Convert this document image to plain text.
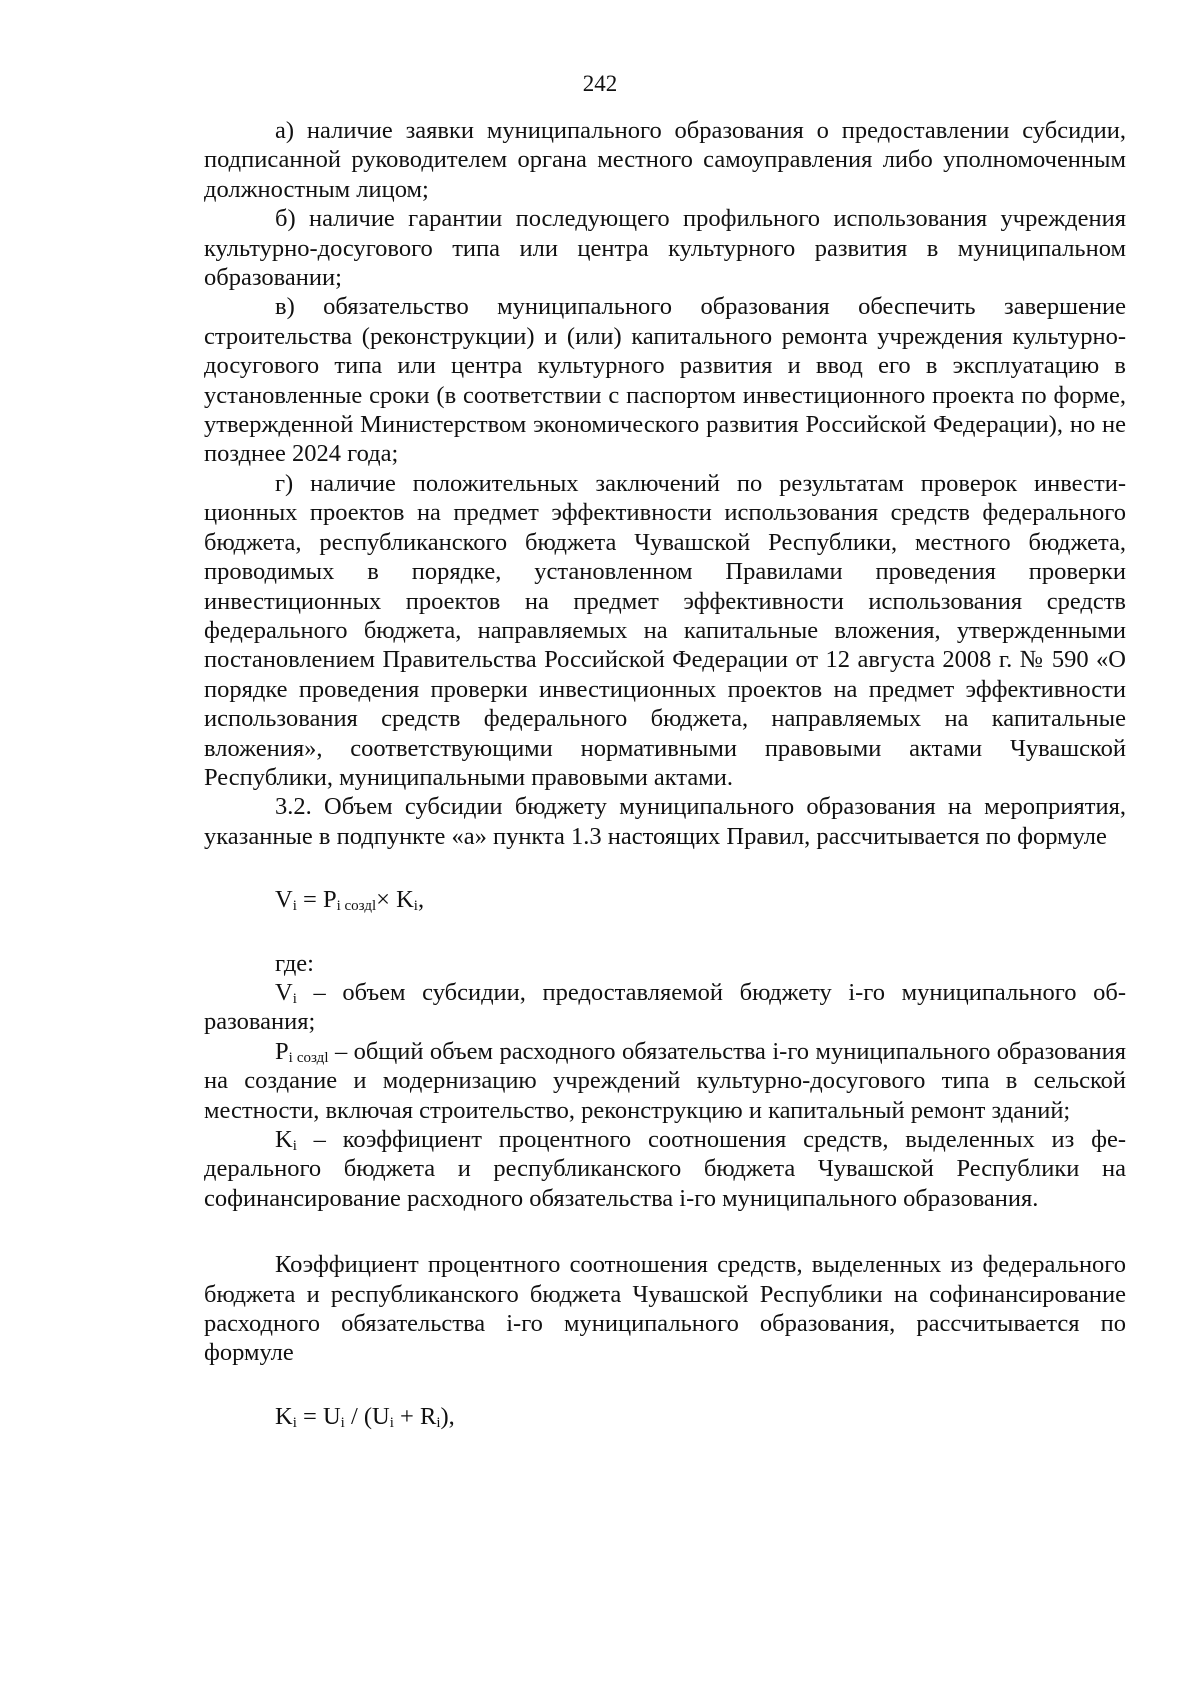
242

а) наличие заявки муниципального образования о предоставлении субсидии, подписанной руководителем органа местного самоуправления либо уполномоченным должностным лицом;

б) наличие гарантии последующего профильного использования учреждения культурно-досугового типа или центра культурного развития в муниципальном образовании;

в) обязательство муниципального образования обеспечить завершение строительства (реконструкции) и (или) капитального ремонта учреждения культурно-досугового типа или центра культурного развития и ввод его в эксплуатацию в установленные сроки (в соответствии с паспортом инвестиционного проекта по форме, утвержденной Министерством экономического развития Российской Федерации), но не позднее 2024 года;

г) наличие положительных заключений по результатам проверок инвестиционных проектов на предмет эффективности использования средств федерального бюджета, республиканского бюджета Чувашской Республики, местного бюджета, проводимых в порядке, установленном Правилами проведения проверки инвестиционных проектов на предмет эффективности использования средств федерального бюджета, направляемых на капитальные вложения, утвержденными постановлением Правительства Российской Федерации от 12 августа 2008 г. № 590 «О порядке проведения проверки инвестиционных проектов на предмет эффективности использования средств федерального бюджета, направляемых на капитальные вложения», соответствующими нормативными правовыми актами Чувашской Республики, муниципальными правовыми актами.

3.2. Объем субсидии бюджету муниципального образования на мероприятия, указанные в подпункте «а» пункта 1.3 настоящих Правил, рассчитывается по формуле

$V_i = P_{i создl}\times K_i$,

где:

$V_i$ – объем субсидии, предоставляемой бюджету i-го муниципального образования;

$P_{i создl}$ – общий объем расходного обязательства i-го муниципального образования на создание и модернизацию учреждений культурно-досугового типа в сельской местности, включая строительство, реконструкцию и капитальный ремонт зданий;

$K_i$ – коэффициент процентного соотношения средств, выделенных из федерального бюджета и республиканского бюджета Чувашской Республики на софинансирование расходного обязательства i-го муниципального образования.

Коэффициент процентного соотношения средств, выделенных из федерального бюджета и республиканского бюджета Чувашской Республики на софинансирование расходного обязательства i-го муниципального образования, рассчитывается по формуле

$K_i = U_i / (U_i + R_i)$,
